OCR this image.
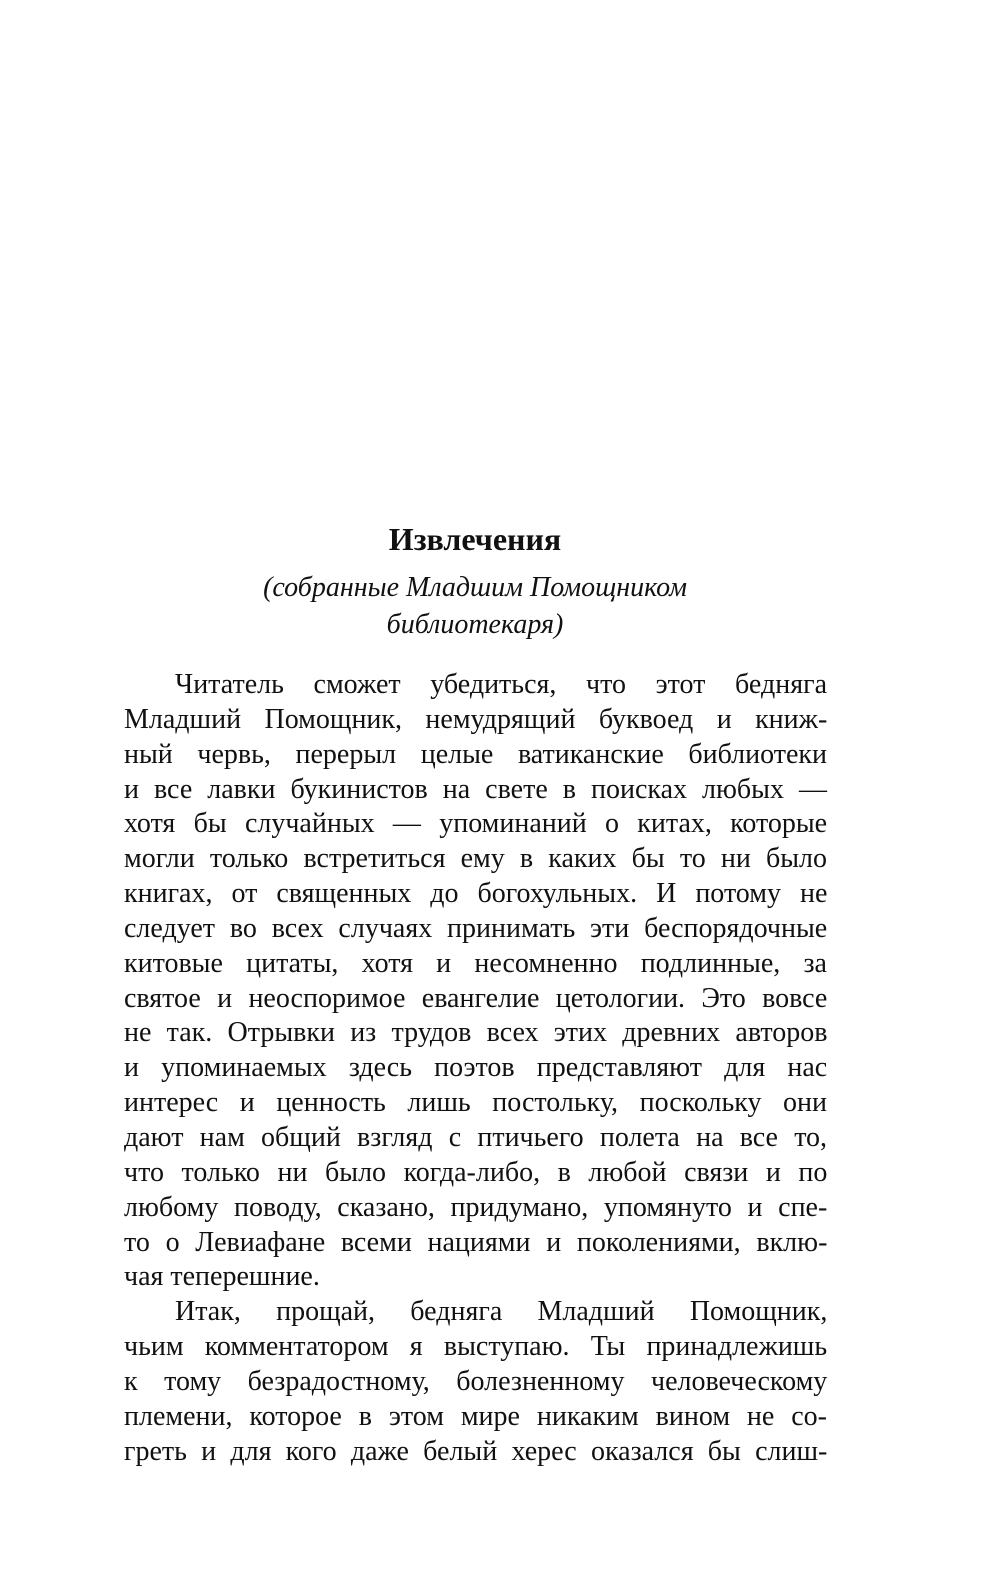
Извлечения
(собранные Младшим Помощником
библиотекаря)
Читатель сможет убедиться, что этот бедняга
Младший Помощник, немудрящий буквоед и книж-
ный червь, перерыл целые ватиканские библиотеки
и все лавки букинистов на свете в поисках любых —
хотя бы случайных — упоминаний о китах, которые
могли только встретиться ему в каких бы то ни было
книгах, от священных до богохульных. И потому не
следует во всех случаях принимать эти беспорядочные
китовые цитаты, хотя и несомненно подлинные, за
святое и неоспоримое евангелие цетологии. Это вовсе
не так. Отрывки из трудов всех этих древних авторов
и упоминаемых здесь поэтов представляют для нас
интерес и ценность лишь постольку, поскольку они
дают нам общий взгляд с птичьего полета на все то,
что только ни было когда-либо, в любой связи и по
любому поводу, сказано, придумано, упомянуто и спе-
то о Левиафане всеми нациями и поколениями, вклю-
чая теперешние.
Итак, прощай, бедняга Младший Помощник,
чьим комментатором я выступаю. Ты принадлежишь
к тому безрадостному, болезненному человеческому
племени, которое в этом мире никаким вином не со-
греть и для кого даже белый херес оказался бы слиш-
